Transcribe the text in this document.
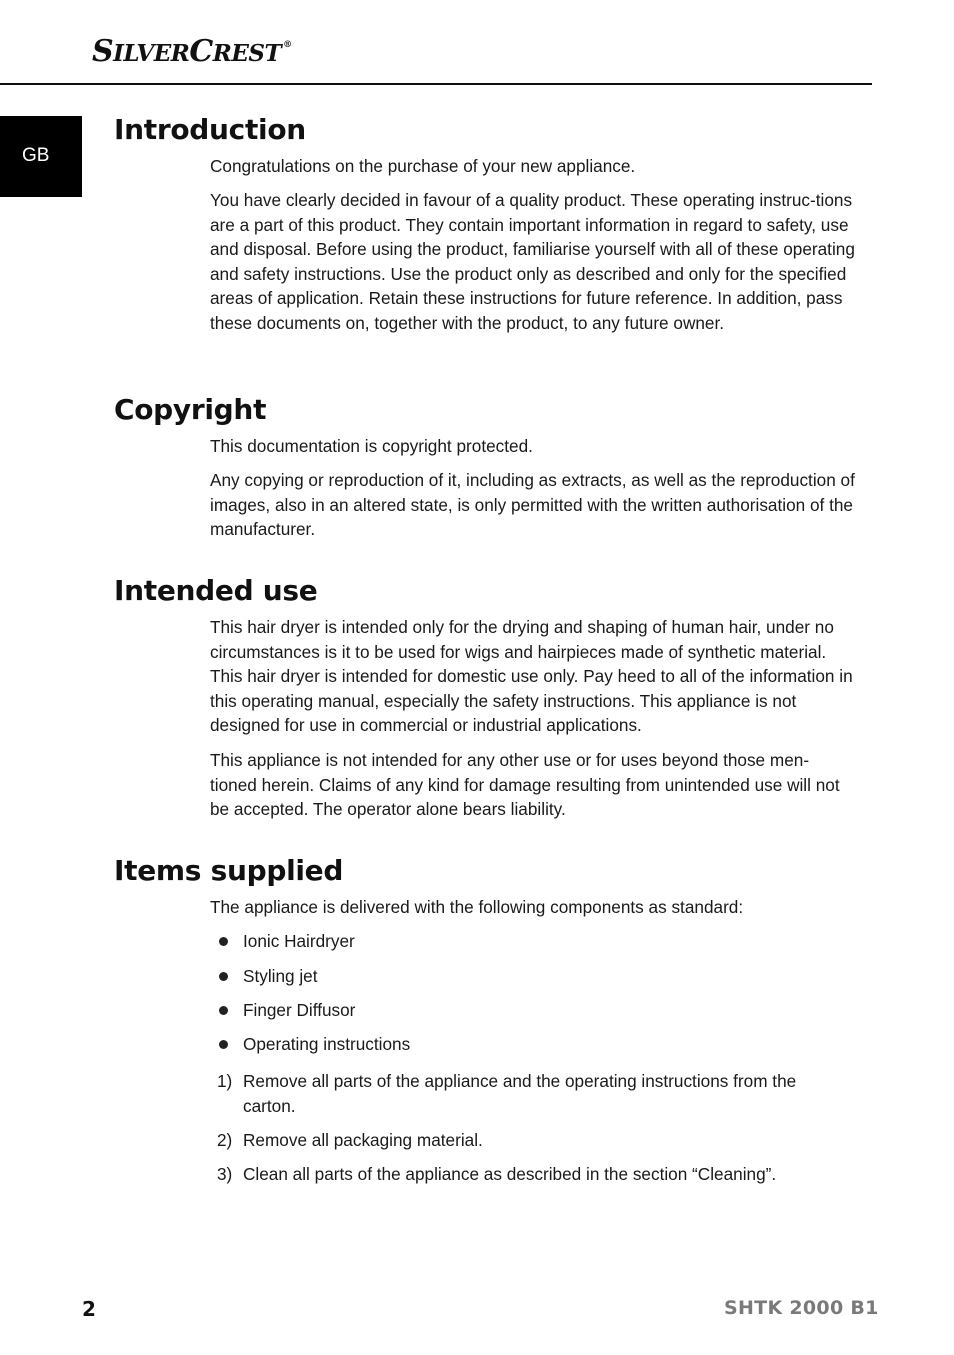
SILVERCREST ®
GB
Introduction

Congratulations on the purchase of your new appliance.

You have clearly decided in favour of a quality product. These operating instruc-tions are a part of this product. They contain important information in regard to safety, use and disposal. Before using the product, familiarise yourself with all of these operating and safety instructions. Use the product only as described and only for the specified areas of application. Retain these instructions for future reference. In addition, pass these documents on, together with the product, to any future owner.

Copyright

This documentation is copyright protected.

Any copying or reproduction of it, including as extracts, as well as the reproduction of images, also in an altered state, is only permitted with the written authorisation of the manufacturer.

Intended use

This hair dryer is intended only for the drying and shaping of human hair, under no circumstances is it to be used for wigs and hairpieces made of synthetic material. This hair dryer is intended for domestic use only. Pay heed to all of the information in this operating manual, especially the safety instructions. This appliance is not designed for use in commercial or industrial applications.

This appliance is not intended for any other use or for uses beyond those men-tioned herein. Claims of any kind for damage resulting from unintended use will not be accepted. The operator alone bears liability.

Items supplied

The appliance is delivered with the following components as standard:

Ionic Hairdryer
Styling jet
Finger Diffusor
Operating instructions
1) Remove all parts of the appliance and the operating instructions from the carton.
2) Remove all packaging material.
3) Clean all parts of the appliance as described in the section “Cleaning”.
2	SHTK 2000 B1
